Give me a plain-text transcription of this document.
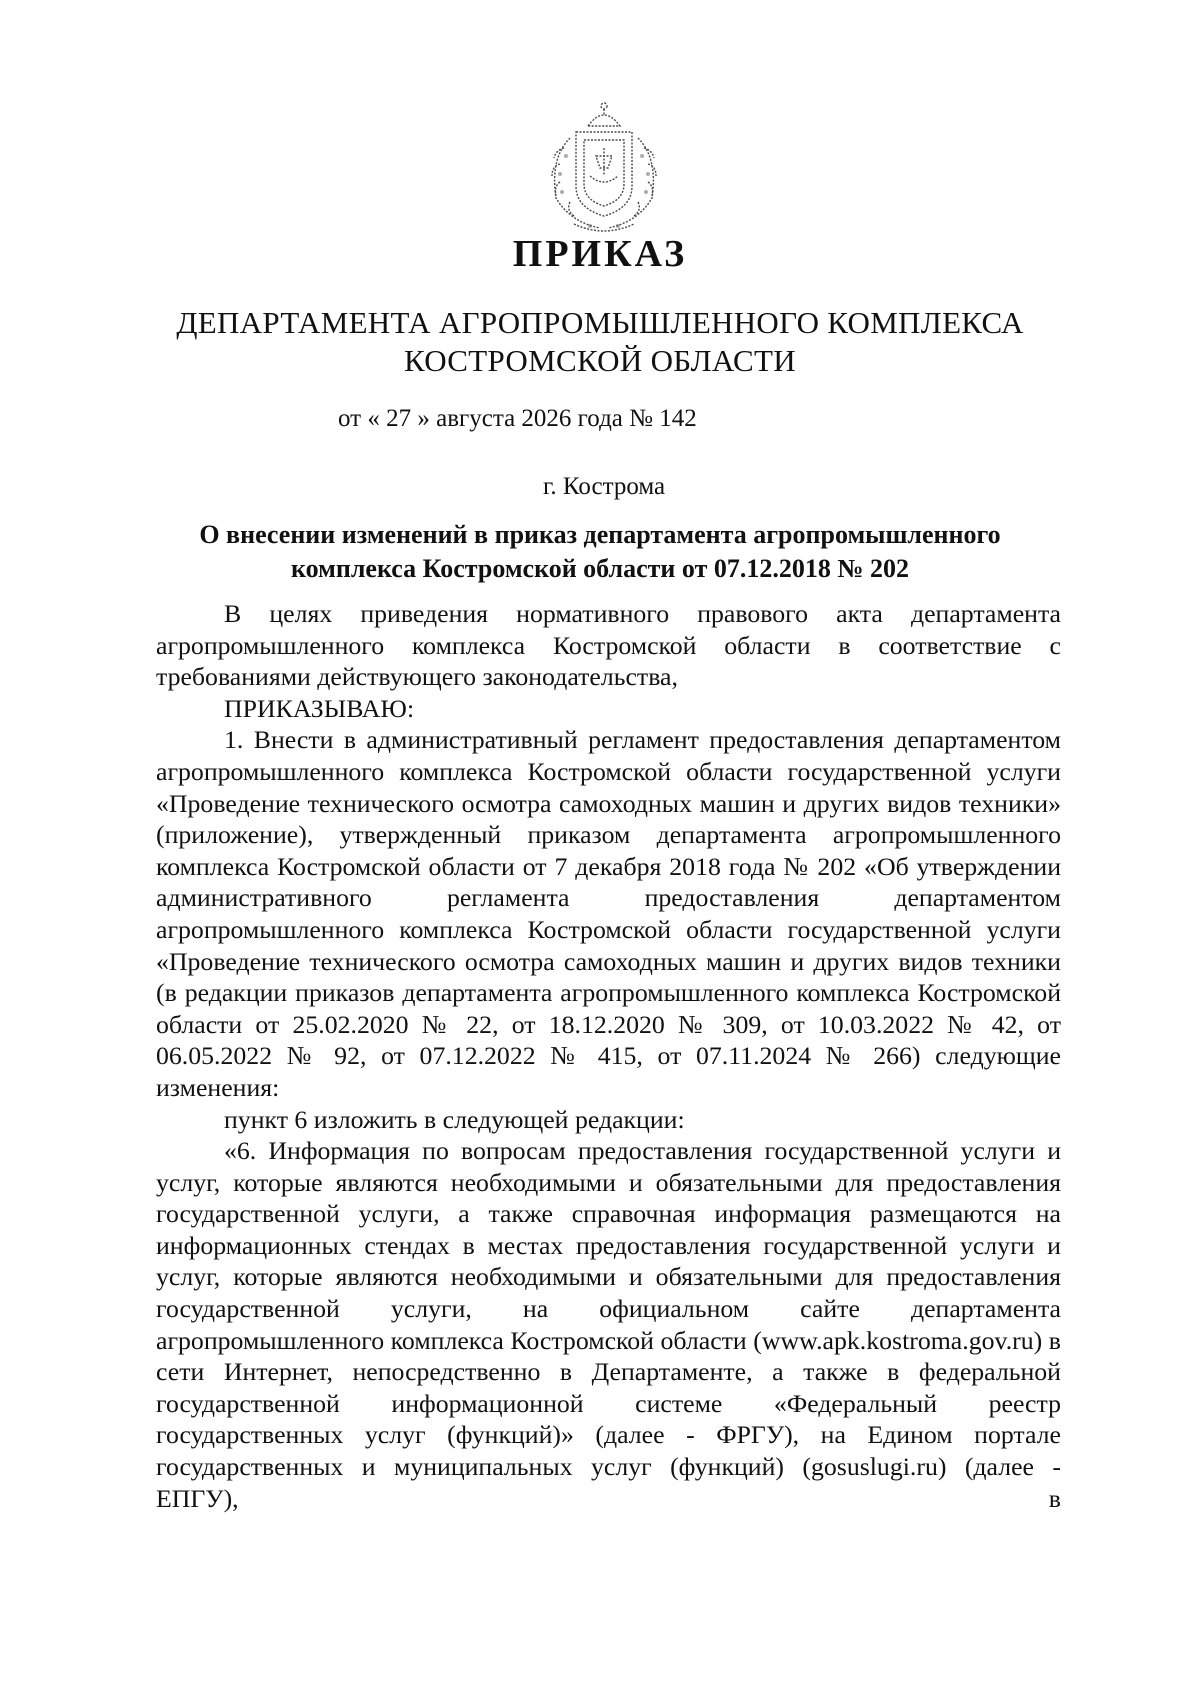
ПРИКАЗ
ДЕПАРТАМЕНТА АГРОПРОМЫШЛЕННОГО КОМПЛЕКСА
КОСТРОМСКОЙ ОБЛАСТИ
от « 27 » августа 2026 года № 142
г. Кострома
О внесении изменений в приказ департамента агропромышленного
комплекса Костромской области от 07.12.2018 № 202

В целях приведения нормативного правового акта департамента агропромышленного комплекса Костромской области в соответствие с требованиями действующего законодательства,

ПРИКАЗЫВАЮ:

1. Внести в административный регламент предоставления департаментом агропромышленного комплекса Костромской области государственной услуги «Проведение технического осмотра самоходных машин и других видов техники» (приложение), утвержденный приказом департамента агропромышленного комплекса Костромской области от 7 декабря 2018 года № 202 «Об утверждении административного регламента предоставления департаментом агропромышленного комплекса Костромской области государственной услуги «Проведение технического осмотра самоходных машин и других видов техники (в редакции приказов департамента агропромышленного комплекса Костромской области от 25.02.2020 № 22, от 18.12.2020 № 309, от 10.03.2022 № 42, от 06.05.2022 № 92, от 07.12.2022 № 415, от 07.11.2024 № 266) следующие изменения:

пункт 6 изложить в следующей редакции:

«6. Информация по вопросам предоставления государственной услуги и услуг, которые являются необходимыми и обязательными для предоставления государственной услуги, а также справочная информация размещаются на информационных стендах в местах предоставления государственной услуги и услуг, которые являются необходимыми и обязательными для предоставления государственной услуги, на официальном сайте департамента агропромышленного комплекса Костромской области (www.apk.kostroma.gov.ru) в сети Интернет, непосредственно в Департаменте, а также в федеральной государственной информационной системе «Федеральный реестр государственных услуг (функций)» (далее - ФРГУ), на Едином портале государственных и муниципальных услуг (функций) (gosuslugi.ru) (далее - ЕПГУ), в
